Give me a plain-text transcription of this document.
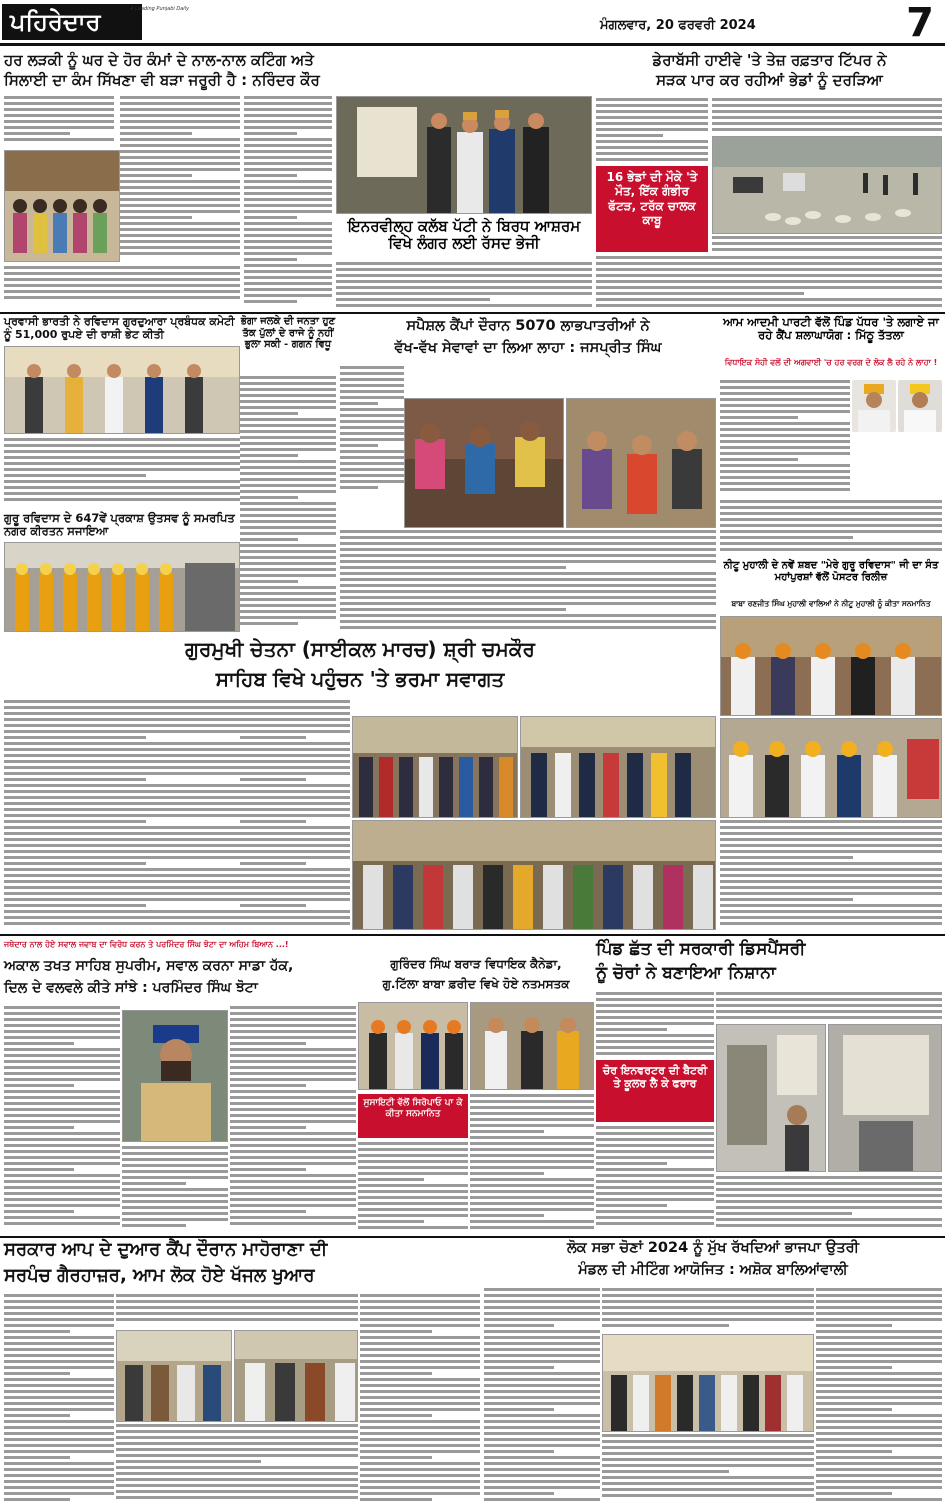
ਪਹਿਰੇਦਾਰ	A Leading Punjabi Daily
ਮੰਗਲਵਾਰ, 20 ਫਰਵਰੀ 2024	7
ਹਰ ਲੜਕੀ ਨੂੰ ਘਰ ਦੇ ਹੋਰ ਕੰਮਾਂ ਦੇ ਨਾਲ-ਨਾਲ ਕਟਿੰਗ ਅਤੇ
ਸਿਲਾਈ ਦਾ ਕੰਮ ਸਿੱਖਣਾ ਵੀ ਬੜਾ ਜਰੂਰੀ ਹੈ : ਨਰਿੰਦਰ ਕੌਰ
ਇਨਰਵੀਲ੍ਹ ਕਲੱਬ ਪੱਟੀ ਨੇ ਬਿਰਧ ਆਸ਼ਰਮ ਵਿਖੇ ਲੰਗਰ ਲਈ ਰੱਸਦ ਭੇਜੀ
ਡੇਰਾਬੱਸੀ ਹਾਈਵੇ 'ਤੇ ਤੇਜ਼ ਰਫ਼ਤਾਰ ਟਿੱਪਰ ਨੇ
ਸੜਕ ਪਾਰ ਕਰ ਰਹੀਆਂ ਭੇਡਾਂ ਨੂੰ ਦਰੜਿਆ
16 ਭੇਡਾਂ ਦੀ ਮੌਕੇ 'ਤੇ ਮੌਤ, ਇੱਕ ਗੰਭੀਰ ਫੱਟੜ, ਟਰੱਕ ਚਾਲਕ ਕਾਬੂ
ਪ੍ਰਵਾਸੀ ਭਾਰਤੀ ਨੇ ਰਵਿਦਾਸ ਗੁਰਦੁਆਰਾ ਪ੍ਰਬੰਧਕ ਕਮੇਟੀ ਨੂੰ 51,000 ਰੁਪਏ ਦੀ ਰਾਸ਼ੀ ਭੇਟ ਕੀਤੀ
ਗੁਰੂ ਰਵਿਦਾਸ ਦੇ 647ਵੇਂ ਪ੍ਰਕਾਸ਼ ਉਤਸਵ ਨੂੰ ਸਮਰਪਿਤ ਨਗਰ ਕੀਰਤਨ ਸਜਾਇਆ
ਭੋਗਾ ਜਲਕੇ ਦੀ ਜਨਤਾ ਹੁਣ ਤੱਕ ਪੁੱਲਾਂ ਦੇ ਰਾਜੇ ਨੂੰ ਨਹੀਂ ਭੁਲਾ ਸਕੀ - ਗਗਨ ਵਿਧੂ
ਸਪੈਸ਼ਲ ਕੈਂਪਾਂ ਦੌਰਾਨ 5070 ਲਾਭਪਾਤਰੀਆਂ ਨੇ
ਵੱਖ-ਵੱਖ ਸੇਵਾਵਾਂ ਦਾ ਲਿਆ ਲਾਹਾ : ਜਸਪ੍ਰੀਤ ਸਿੰਘ
ਆਮ ਆਦਮੀ ਪਾਰਟੀ ਵੱਲੋਂ ਪਿੰਡ ਪੱਧਰ 'ਤੇ ਲਗਾਏ ਜਾ ਰਹੇ ਕੈਂਪ ਸ਼ਲਾਘਾਯੋਗ : ਮਿੱਠੂ ਤੱਤਲਾ
ਵਿਧਾਇਕ ਸੋਹੀ ਵਲੋਂ ਦੀ ਅਗਵਾਈ 'ਚ ਹਰ ਵਰਗ ਦੇ ਲੋਕ ਲੈ ਰਹੇ ਨੇ ਲਾਹਾ !
ਨੀਟੂ ਮੁਹਾਲੀ ਦੇ ਨਵੇਂ ਸ਼ਬਦ "ਮੇਰੇ ਗੁਰੂ ਰਵਿਦਾਸ" ਜੀ ਦਾ ਸੰਤ ਮਹਾਂਪੁਰਸ਼ਾਂ ਵੱਲੋਂ ਪੋਸਟਰ ਰਿਲੀਜ਼
ਬਾਬਾ ਰਣਜੀਤ ਸਿੰਘ ਮੁਹਾਲੀ ਵਾਲਿਆਂ ਨੇ ਨੀਟੂ ਮੁਹਾਲੀ ਨੂੰ ਕੀਤਾ ਸਨਮਾਨਿਤ
ਗੁਰਮੁਖੀ ਚੇਤਨਾ (ਸਾਈਕਲ ਮਾਰਚ) ਸ਼੍ਰੀ ਚਮਕੌਰ
ਸਾਹਿਬ ਵਿਖੇ ਪਹੁੰਚਨ 'ਤੇ ਭਰਮਾ ਸਵਾਗਤ
ਜਥੇਦਾਰ ਨਾਲ ਹੋਏ ਸਵਾਲ ਜਵਾਬ ਦਾ ਵਿਰੋਧ ਕਰਨ ਤੇ ਪਰਮਿੰਦਰ ਸਿੰਘ ਝੋਟਾ ਦਾ ਅਹਿਮ ਬਿਆਨ ...!
ਅਕਾਲ ਤਖਤ ਸਾਹਿਬ ਸੁਪਰੀਮ, ਸਵਾਲ ਕਰਨਾ ਸਾਡਾ ਹੱਕ,
ਦਿਲ ਦੇ ਵਲਵਲੇ ਕੀਤੇ ਸਾਂਝੇ : ਪਰਮਿੰਦਰ ਸਿੰਘ ਝੋਟਾ
ਗੁਰਿੰਦਰ ਸਿੰਘ ਬਰਾੜ ਵਿਧਾਇਕ ਕੈਨੇਡਾ,
ਗੁ.ਟਿੱਲਾ ਬਾਬਾ ਫ਼ਰੀਦ ਵਿਖੇ ਹੋਏ ਨਤਮਸਤਕ
ਸੁਸਾਇਟੀ ਵੱਲੋਂ ਸਿਰੋਪਾਓ ਪਾ ਕੇ ਕੀਤਾ ਸਨਮਾਨਿਤ
ਪਿੰਡ ਛੱਤ ਦੀ ਸਰਕਾਰੀ ਡਿਸਪੈਂਸਰੀ
ਨੂੰ ਚੋਰਾਂ ਨੇ ਬਣਾਇਆ ਨਿਸ਼ਾਨਾ
ਚੋਰ ਇਨਵਰਟਰ ਦੀ ਬੈਟਰੀ ਤੇ ਕੂਲਰ ਲੈ ਕੇ ਫਰਾਰ
ਸਰਕਾਰ ਆਪ ਦੇ ਦੁਆਰ ਕੈਂਪ ਦੌਰਾਨ ਮਾਹੋਰਾਣਾ ਦੀ
ਸਰਪੰਚ ਗੈਰਹਾਜ਼ਰ, ਆਮ ਲੋਕ ਹੋਏ ਖੱਜਲ ਖੁਆਰ
ਲੋਕ ਸਭਾ ਚੋਣਾਂ 2024 ਨੂੰ ਮੁੱਖ ਰੱਖਦਿਆਂ ਭਾਜਪਾ ਉਤਰੀ
ਮੰਡਲ ਦੀ ਮੀਟਿੰਗ ਆਯੋਜਿਤ : ਅਸ਼ੋਕ ਬਾਲਿਆਂਵਾਲੀ
